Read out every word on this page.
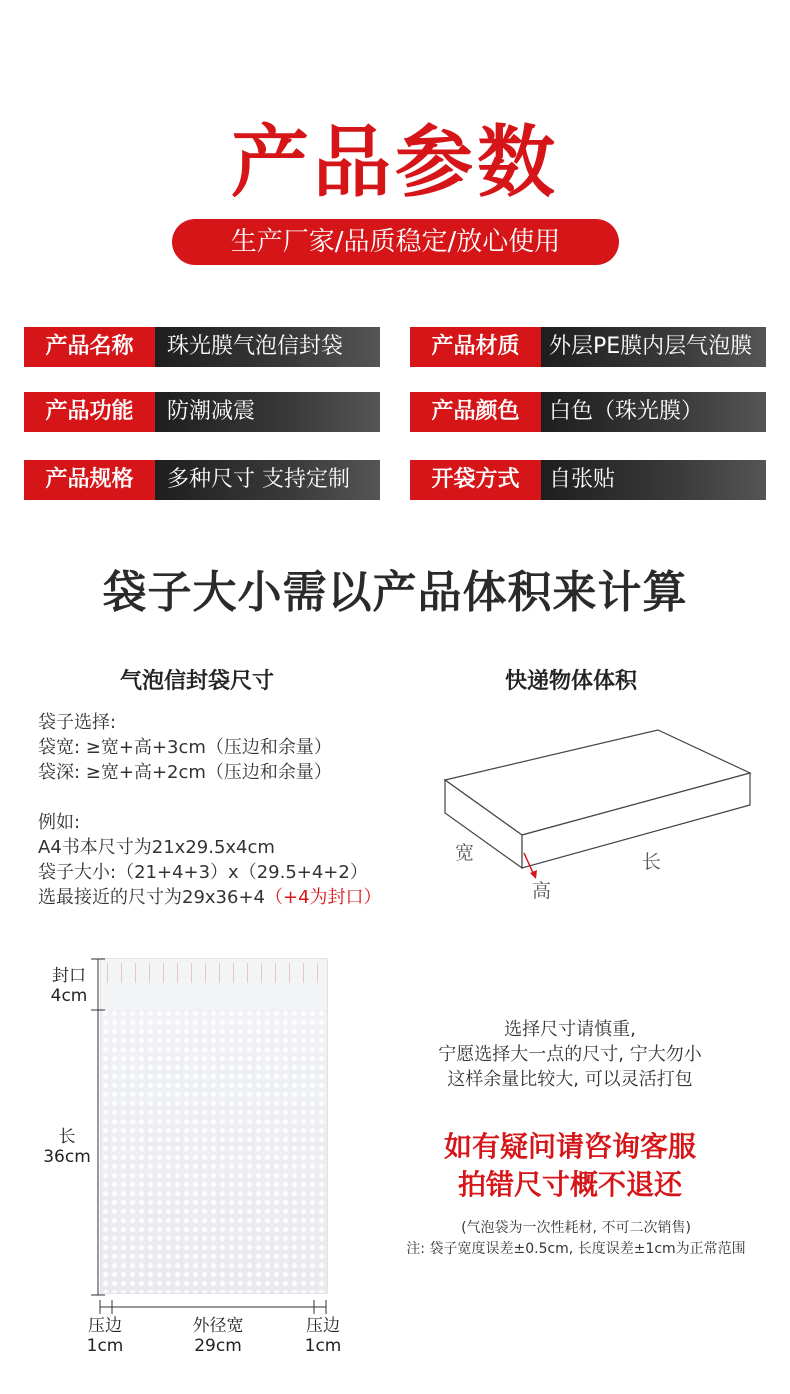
产品参数
生产厂家/品质稳定/放心使用
产品名称	珠光膜气泡信封袋	产品材质	外层PE膜内层气泡膜
产品功能	防潮减震	产品颜色	白色（珠光膜）
产品规格	多种尺寸 支持定制	开袋方式	自张贴
袋子大小需以产品体积来计算
气泡信封袋尺寸
袋子选择:
袋宽: ≥宽+高+3cm（压边和余量）
袋深: ≥宽+高+2cm（压边和余量）
例如:
A4书本尺寸为21x29.5x4cm
袋子大小:（21+4+3）x（29.5+4+2）
选最接近的尺寸为29x36+4（+4为封口）
快递物体体积
宽	长
高
封口
4cm
长
36cm
压边
1cm
外径宽
29cm
压边
1cm
选择尺寸请慎重,
宁愿选择大一点的尺寸, 宁大勿小
这样余量比较大, 可以灵活打包
如有疑问请咨询客服
拍错尺寸概不退还
(气泡袋为一次性耗材, 不可二次销售)
注: 袋子宽度误差±0.5cm, 长度误差±1cm为正常范围
